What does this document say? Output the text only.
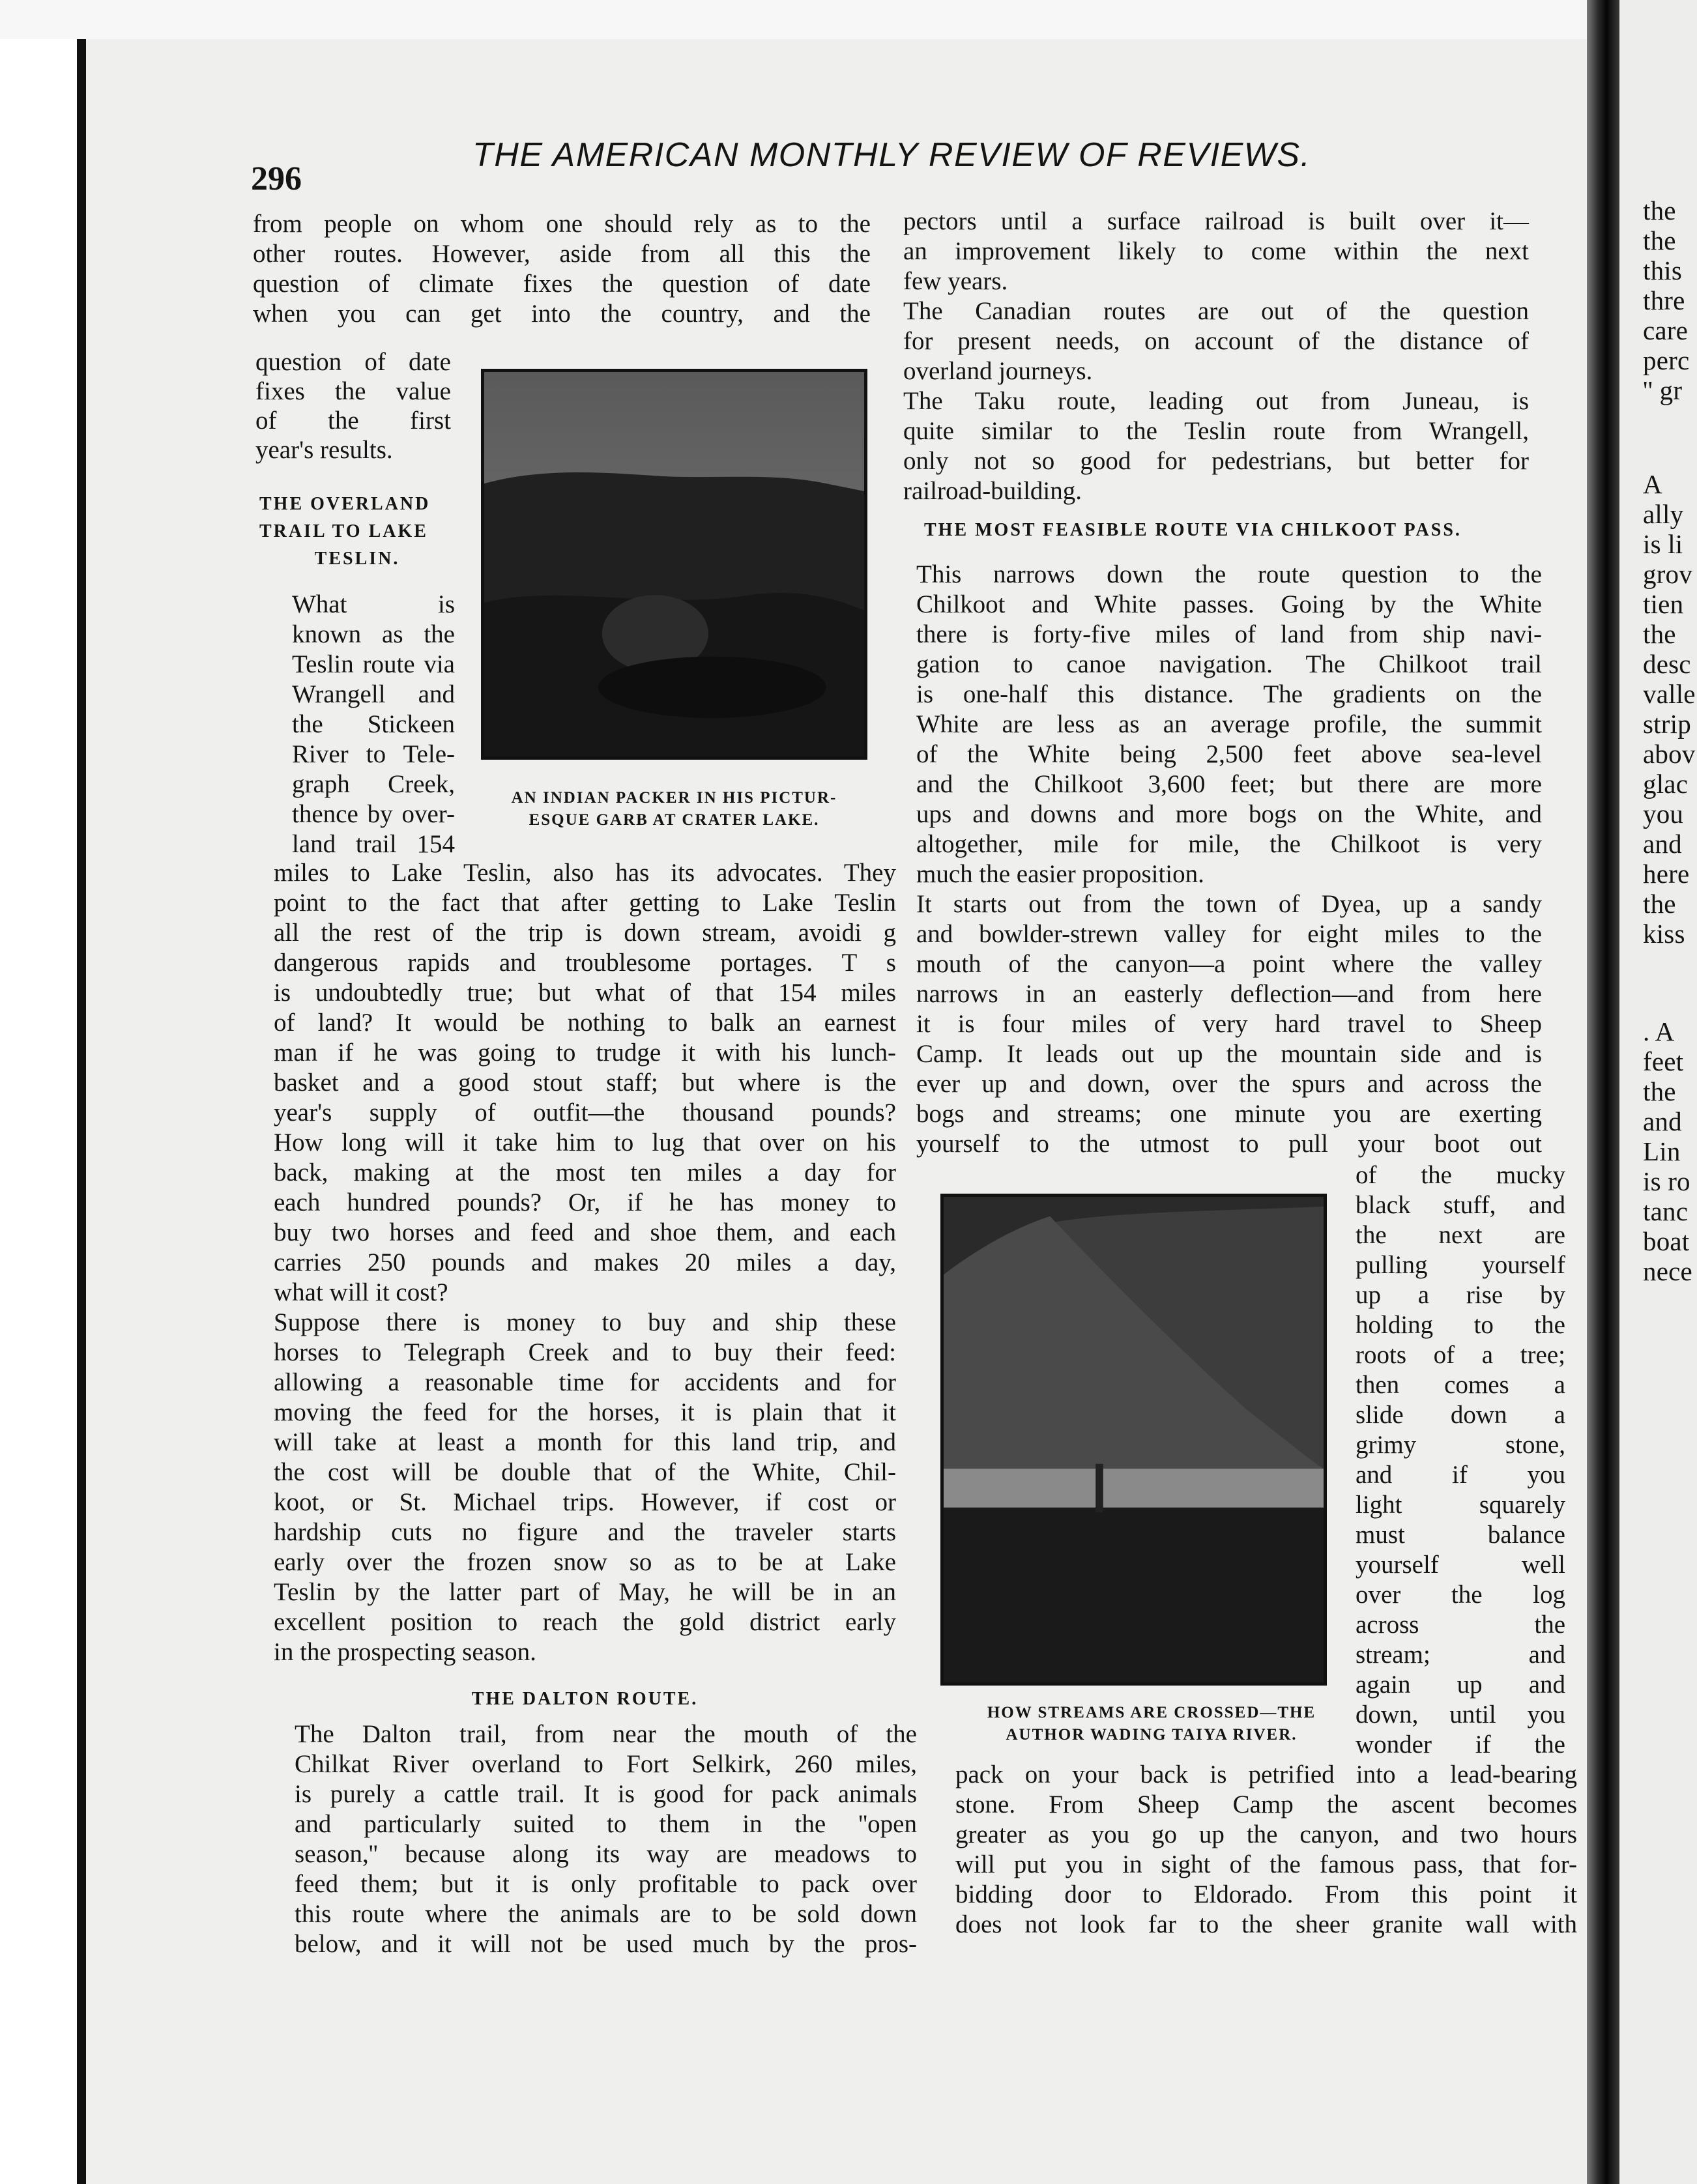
the
the
this
thre
care
perc
'' gr
A
ally
is li
grov
tien
the
desc
valle
strip
abov
glac
you
and
here
the
kiss
. A
feet
the
and
Lin
is ro
tanc
boat
nece
296
THE AMERICAN MONTHLY REVIEW OF REVIEWS.
from people on whom one should rely as to the
other routes. However, aside from all this the
question of climate fixes the question of date
when you can get into the country, and the
question of date
fixes the value
of the first
year's results.
THE OVERLAND
TRAIL TO LAKE
TESLIN.
What is
known as the
Teslin route via
Wrangell and
the Stickeen
River to Tele-
graph Creek,
thence by over-
land trail 154
miles to Lake Teslin, also has its advocates. They
point to the fact that after getting to Lake Teslin
all the rest of the trip is down stream, avoidi g
dangerous rapids and troublesome portages. T s
is undoubtedly true; but what of that 154 miles
of land? It would be nothing to balk an earnest
man if he was going to trudge it with his lunch-
basket and a good stout staff; but where is the
year's supply of outfit—the thousand pounds?
How long will it take him to lug that over on his
back, making at the most ten miles a day for
each hundred pounds? Or, if he has money to
buy two horses and feed and shoe them, and each
carries 250 pounds and makes 20 miles a day,
what will it cost?
Suppose there is money to buy and ship these
horses to Telegraph Creek and to buy their feed:
allowing a reasonable time for accidents and for
moving the feed for the horses, it is plain that it
will take at least a month for this land trip, and
the cost will be double that of the White, Chil-
koot, or St. Michael trips. However, if cost or
hardship cuts no figure and the traveler starts
early over the frozen snow so as to be at Lake
Teslin by the latter part of May, he will be in an
excellent position to reach the gold district early
in the prospecting season.
THE DALTON ROUTE.
The Dalton trail, from near the mouth of the
Chilkat River overland to Fort Selkirk, 260 miles,
is purely a cattle trail. It is good for pack animals
and particularly suited to them in the ''open
season,'' because along its way are meadows to
feed them; but it is only profitable to pack over
this route where the animals are to be sold down
below, and it will not be used much by the pros-
pectors until a surface railroad is built over it—
an improvement likely to come within the next
few years.
The Canadian routes are out of the question
for present needs, on account of the distance of
overland journeys.
The Taku route, leading out from Juneau, is
quite similar to the Teslin route from Wrangell,
only not so good for pedestrians, but better for
railroad-building.
THE MOST FEASIBLE ROUTE VIA CHILKOOT PASS.
This narrows down the route question to the
Chilkoot and White passes. Going by the White
there is forty-five miles of land from ship navi-
gation to canoe navigation. The Chilkoot trail
is one-half this distance. The gradients on the
White are less as an average profile, the summit
of the White being 2,500 feet above sea-level
and the Chilkoot 3,600 feet; but there are more
ups and downs and more bogs on the White, and
altogether, mile for mile, the Chilkoot is very
much the easier proposition.
It starts out from the town of Dyea, up a sandy
and bowlder-strewn valley for eight miles to the
mouth of the canyon—a point where the valley
narrows in an easterly deflection—and from here
it is four miles of very hard travel to Sheep
Camp. It leads out up the mountain side and is
ever up and down, over the spurs and across the
bogs and streams; one minute you are exerting
yourself to the utmost to pull your boot out
of the mucky
black stuff, and
the next are
pulling yourself
up a rise by
holding to the
roots of a tree;
then comes a
slide down a
grimy stone,
and if you
light squarely
must balance
yourself well
over the log
across the
stream; and
again up and
down, until you
wonder if the
pack on your back is petrified into a lead-bearing
stone. From Sheep Camp the ascent becomes
greater as you go up the canyon, and two hours
will put you in sight of the famous pass, that for-
bidding door to Eldorado. From this point it
does not look far to the sheer granite wall with
AN INDIAN PACKER IN HIS PICTUR-
ESQUE GARB AT CRATER LAKE.
HOW STREAMS ARE CROSSED—THE
AUTHOR WADING TAIYA RIVER.
